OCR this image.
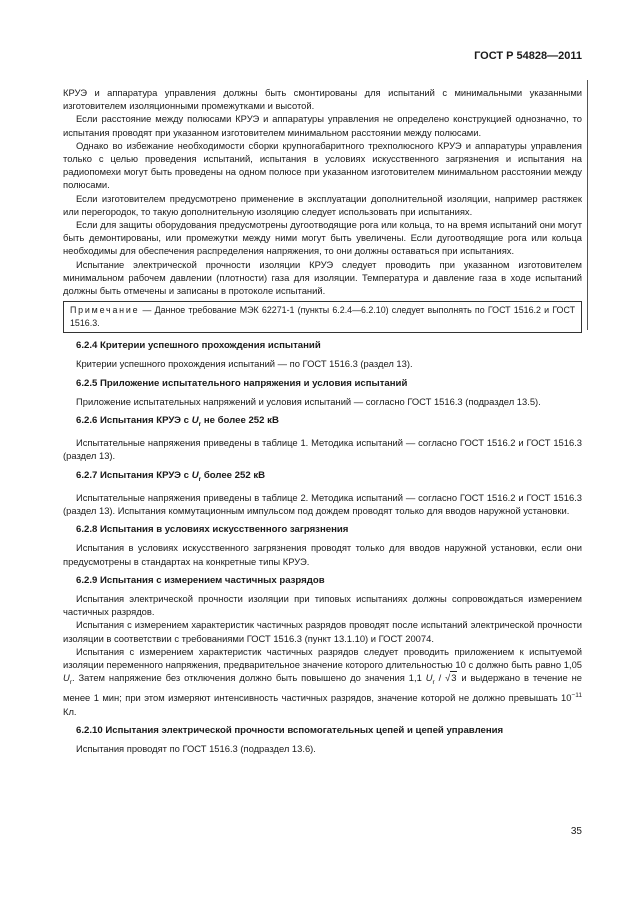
ГОСТ Р 54828—2011

КРУЭ и аппаратура управления должны быть смонтированы для испытаний с минимальными указанными изготовителем изоляционными промежутками и высотой.

Если расстояние между полюсами КРУЭ и аппаратуры управления не определено конструкцией однозначно, то испытания проводят при указанном изготовителем минимальном расстоянии между полюсами.

Однако во избежание необходимости сборки крупногабаритного трехполюсного КРУЭ и аппаратуры управления только с целью проведения испытаний, испытания в условиях искусственного загрязнения и испытания на радиопомехи могут быть проведены на одном полюсе при указанном изготовителем минимальном расстоянии между полюсами.

Если изготовителем предусмотрено применение в эксплуатации дополнительной изоляции, например растяжек или перегородок, то такую дополнительную изоляцию следует использовать при испытаниях.

Если для защиты оборудования предусмотрены дугоотводящие рога или кольца, то на время испытаний они могут быть демонтированы, или промежутки между ними могут быть увеличены. Если дугоотводящие рога или кольца необходимы для обеспечения распределения напряжения, то они должны оставаться при испытаниях.

Испытание электрической прочности изоляции КРУЭ следует проводить при указанном изготовителем минимальном рабочем давлении (плотности) газа для изоляции. Температура и давление газа в ходе испытаний должны быть отмечены и записаны в протоколе испытаний.

Примечание — Данное требование МЭК 62271-1 (пункты 6.2.4—6.2.10) следует выполнять по ГОСТ 1516.2 и ГОСТ 1516.3.
6.2.4 Критерии успешного прохождения испытаний

Критерии успешного прохождения испытаний — по ГОСТ 1516.3 (раздел 13).

6.2.5 Приложение испытательного напряжения и условия испытаний

Приложение испытательных напряжений и условия испытаний — согласно ГОСТ 1516.3 (подраздел 13.5).

6.2.6 Испытания КРУЭ с $U_r$ не более 252 кВ

Испытательные напряжения приведены в таблице 1. Методика испытаний — согласно ГОСТ 1516.2 и ГОСТ 1516.3 (раздел 13).

6.2.7 Испытания КРУЭ с $U_r$ более 252 кВ

Испытательные напряжения приведены в таблице 2. Методика испытаний — согласно ГОСТ 1516.2 и ГОСТ 1516.3 (раздел 13). Испытания коммутационным импульсом под дождем проводят только для вводов наружной установки.

6.2.8 Испытания в условиях искусственного загрязнения

Испытания в условиях искусственного загрязнения проводят только для вводов наружной установки, если они предусмотрены в стандартах на конкретные типы КРУЭ.

6.2.9 Испытания с измерением частичных разрядов

Испытания электрической прочности изоляции при типовых испытаниях должны сопровождаться измерением частичных разрядов.

Испытания с измерением характеристик частичных разрядов проводят после испытаний электрической прочности изоляции в соответствии с требованиями ГОСТ 1516.3 (пункт 13.1.10) и ГОСТ 20074.

Испытания с измерением характеристик частичных разрядов следует проводить приложением к испытуемой изоляции переменного напряжения, предварительное значение которого длительностью 10 с должно быть равно 1,05 $U_r$. Затем напряжение без отключения должно быть повышено до значения 1,1 $U_r / √3$ и выдержано в течение не менее 1 мин; при этом измеряют интенсивность частичных разрядов, значение которой не должно превышать $10^{-11}$ Кл.

6.2.10 Испытания электрической прочности вспомогательных цепей и цепей управления

Испытания проводят по ГОСТ 1516.3 (подраздел 13.6).

35
